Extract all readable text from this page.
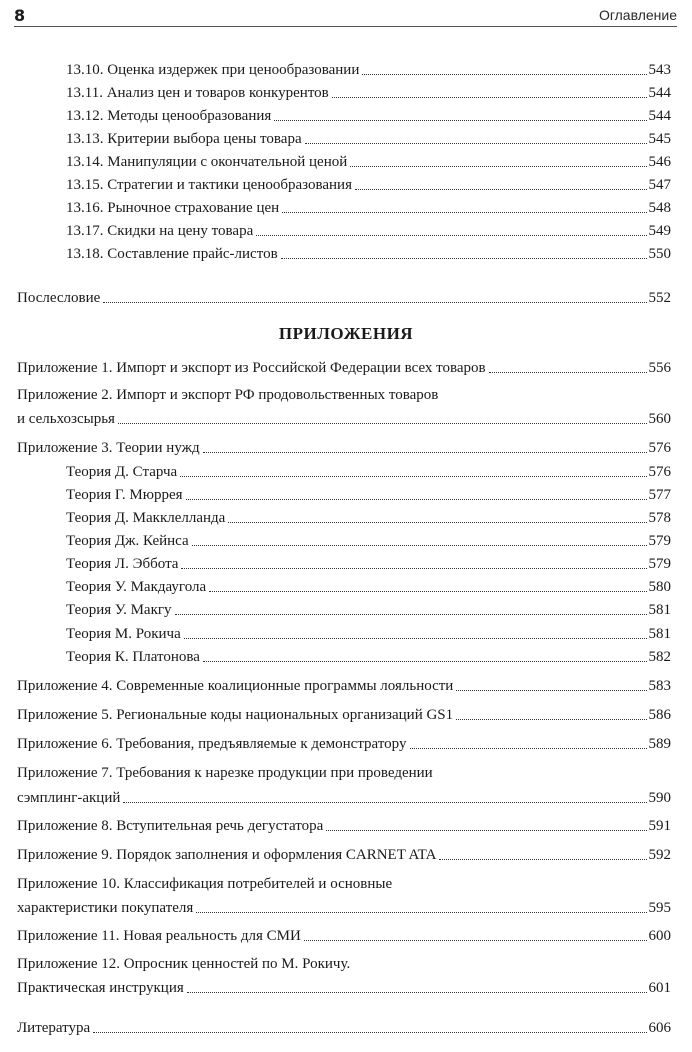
8	Оглавление
13.10. Оценка издержек при ценообразовании	543
13.11. Анализ цен и товаров конкурентов	544
13.12. Методы ценообразования	544
13.13. Критерии выбора цены товара	545
13.14. Манипуляции с окончательной ценой	546
13.15. Стратегии и тактики ценообразования	547
13.16. Рыночное страхование цен	548
13.17. Скидки на цену товара	549
13.18. Составление прайс-листов	550
Послесловие	552
ПРИЛОЖЕНИЯ
Приложение 1. Импорт и экспорт из Российской Федерации всех товаров	556
Приложение 2. Импорт и экспорт РФ продовольственных товаров
и сельхозсырья	560
Приложение 3. Теории нужд	576
Теория Д. Старча	576
Теория Г. Мюррея	577
Теория Д. Макклелланда	578
Теория Дж. Кейнса	579
Теория Л. Эббота	579
Теория У. Макдаугола	580
Теория У. Макгу	581
Теория М. Рокича	581
Теория К. Платонова	582
Приложение 4. Современные коалиционные программы лояльности	583
Приложение 5. Региональные коды национальных организаций GS1	586
Приложение 6. Требования, предъявляемые к демонстратору	589
Приложение 7. Требования к нарезке продукции при проведении
сэмплинг-акций	590
Приложение 8. Вступительная речь дегустатора	591
Приложение 9. Порядок заполнения и оформления CARNET ATA	592
Приложение 10. Классификация потребителей и основные
характеристики покупателя	595
Приложение 11. Новая реальность для СМИ	600
Приложение 12. Опросник ценностей по М. Рокичу.
Практическая инструкция	601
Литература	606
